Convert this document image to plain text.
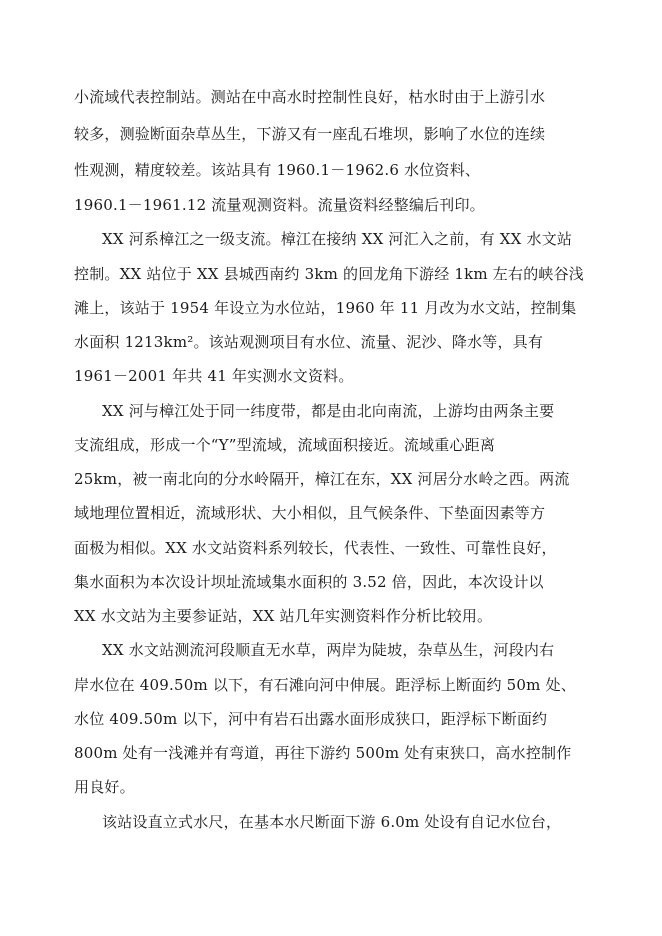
小流域代表控制站。测站在中高水时控制性良好，枯水时由于上游引水
较多，测验断面杂草丛生，下游又有一座乱石堆坝，影响了水位的连续
性观测，精度较差。该站具有 1960.1－1962.6 水位资料、
1960.1－1961.12 流量观测资料。流量资料经整编后刊印。
XX 河系樟江之一级支流。樟江在接纳 XX 河汇入之前，有 XX 水文站
控制。XX 站位于 XX 县城西南约 3km 的回龙角下游经 1km 左右的峡谷浅
滩上，该站于 1954 年设立为水位站，1960 年 11 月改为水文站，控制集
水面积 1213km²。该站观测项目有水位、流量、泥沙、降水等，具有
1961－2001 年共 41 年实测水文资料。
XX 河与樟江处于同一纬度带，都是由北向南流，上游均由两条主要
支流组成，形成一个“Y”型流域，流域面积接近。流域重心距离
25km，被一南北向的分水岭隔开，樟江在东，XX 河居分水岭之西。两流
域地理位置相近，流域形状、大小相似，且气候条件、下垫面因素等方
面极为相似。XX 水文站资料系列较长，代表性、一致性、可靠性良好，
集水面积为本次设计坝址流域集水面积的 3.52 倍，因此，本次设计以
XX 水文站为主要参证站，XX 站几年实测资料作分析比较用。
XX 水文站测流河段顺直无水草，两岸为陡坡，杂草丛生，河段内右
岸水位在 409.50m 以下，有石滩向河中伸展。距浮标上断面约 50m 处、
水位 409.50m 以下，河中有岩石出露水面形成狭口，距浮标下断面约
800m 处有一浅滩并有弯道，再往下游约 500m 处有束狭口，高水控制作
用良好。
该站设直立式水尺，在基本水尺断面下游 6.0m 处设有自记水位台，
